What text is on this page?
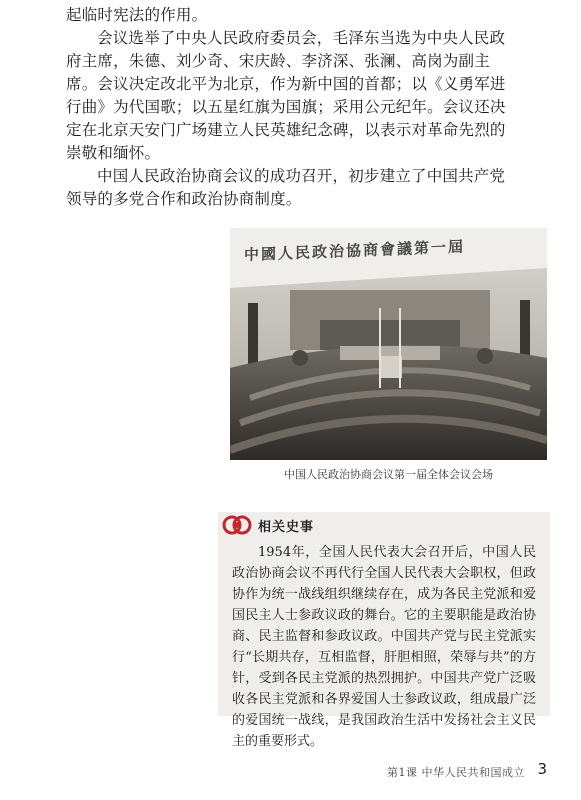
起临时宪法的作用。

会议选举了中央人民政府委员会，毛泽东当选为中央人民政府主席，朱德、刘少奇、宋庆龄、李济深、张澜、高岗为副主席。会议决定改北平为北京，作为新中国的首都；以《义勇军进行曲》为代国歌；以五星红旗为国旗；采用公元纪年。会议还决定在北京天安门广场建立人民英雄纪念碑，以表示对革命先烈的崇敬和缅怀。

中国人民政治协商会议的成功召开，初步建立了中国共产党领导的多党合作和政治协商制度。

中國人民政治協商會議第一屆
中国人民政治协商会议第一届全体会议会场
相关史事
1954年，全国人民代表大会召开后，中国人民政治协商会议不再代行全国人民代表大会职权，但政协作为统一战线组织继续存在，成为各民主党派和爱国民主人士参政议政的舞台。它的主要职能是政治协商、民主监督和参政议政。中国共产党与民主党派实行“长期共存，互相监督，肝胆相照，荣辱与共”的方针，受到各民主党派的热烈拥护。中国共产党广泛吸收各民主党派和各界爱国人士参政议政，组成最广泛的爱国统一战线，是我国政治生活中发扬社会主义民主的重要形式。
第1课 中华人民共和国成立 3
